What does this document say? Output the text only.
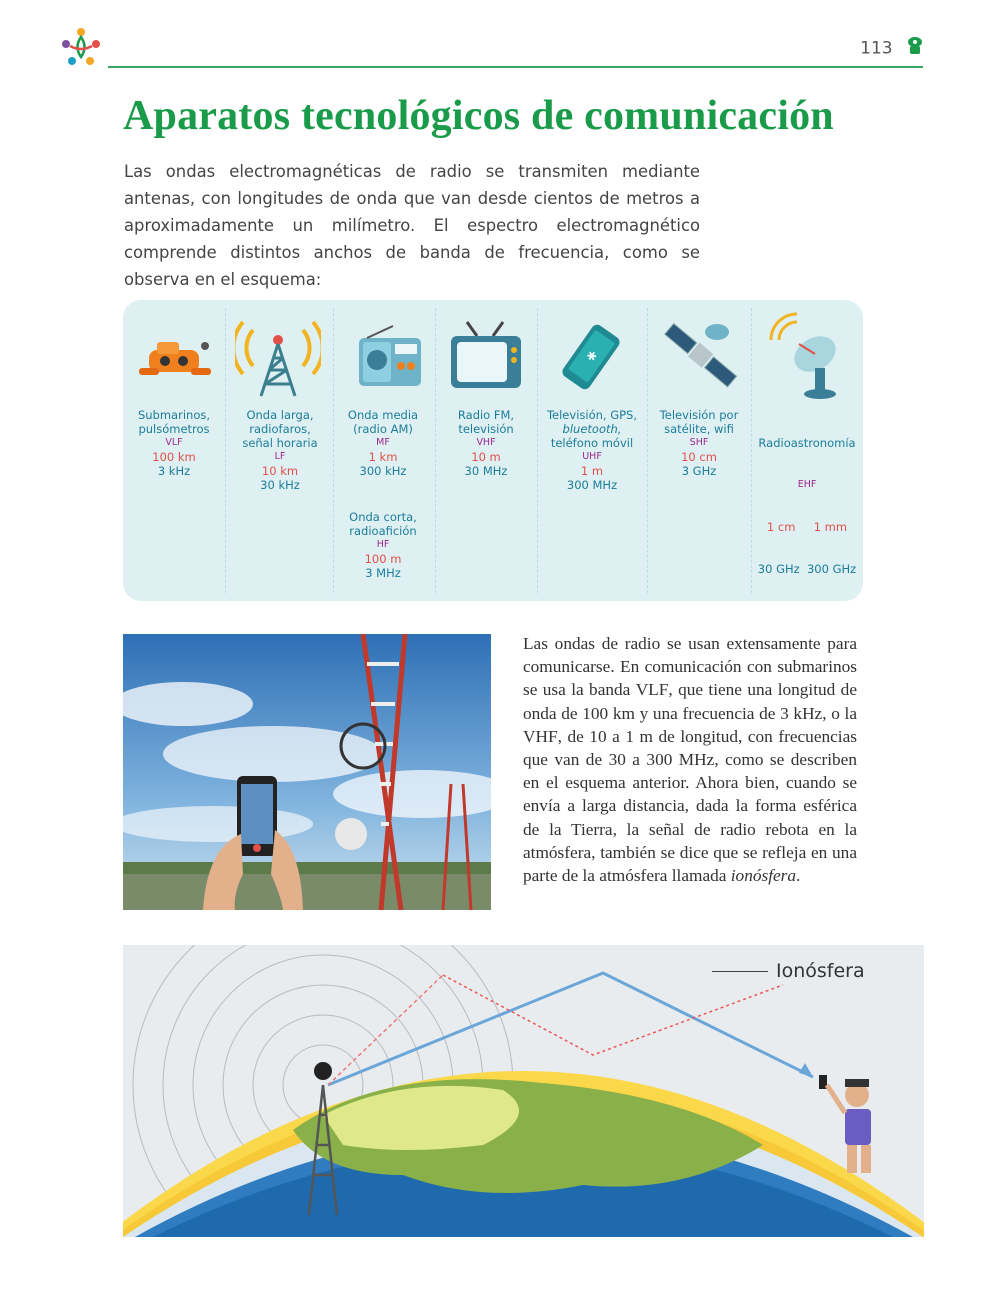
113
Aparatos tecnológicos de comunicación
Las ondas electromagnéticas de radio se transmiten mediante antenas, con longitudes de onda que van desde cientos de metros a aproximadamente un milímetro. El espectro electromagnético comprende distintos anchos de banda de frecuencia, como se observa en el esquema:
✱
Submarinos,
pulsómetros
VLF
100 km
3 kHz
Onda larga,
radiofaros,
señal horaria
LF
10 km
30 kHz
Onda media
(radio AM)
MF
1 km
300 kHz
Radio FM,
televisión
VHF
10 m
30 MHz
Televisión, GPS,
bluetooth,
teléfono móvil
UHF
1 m
300 MHz
Televisión por
satélite, wifi
SHF
10 cm
3 GHz

Radioastronomía

EHF

1 cm     1 mm

30 GHz  300 GHz

Onda corta,
radioafición
HF
100 m
3 MHz
Las ondas de radio se usan extensamente para comunicarse. En comunicación con submarinos se usa la banda VLF, que tiene una longitud de onda de 100 km y una frecuencia de 3 kHz, o la VHF, de 10 a 1 m de longitud, con frecuencias que van de 30 a 300 MHz, como se describen en el esquema anterior. Ahora bien, cuando se envía a larga distancia, dada la forma esférica de la Tierra, la señal de radio rebota en la atmósfera, también se dice que se refleja en una parte de la atmósfera llamada ionósfera.
Ionósfera
